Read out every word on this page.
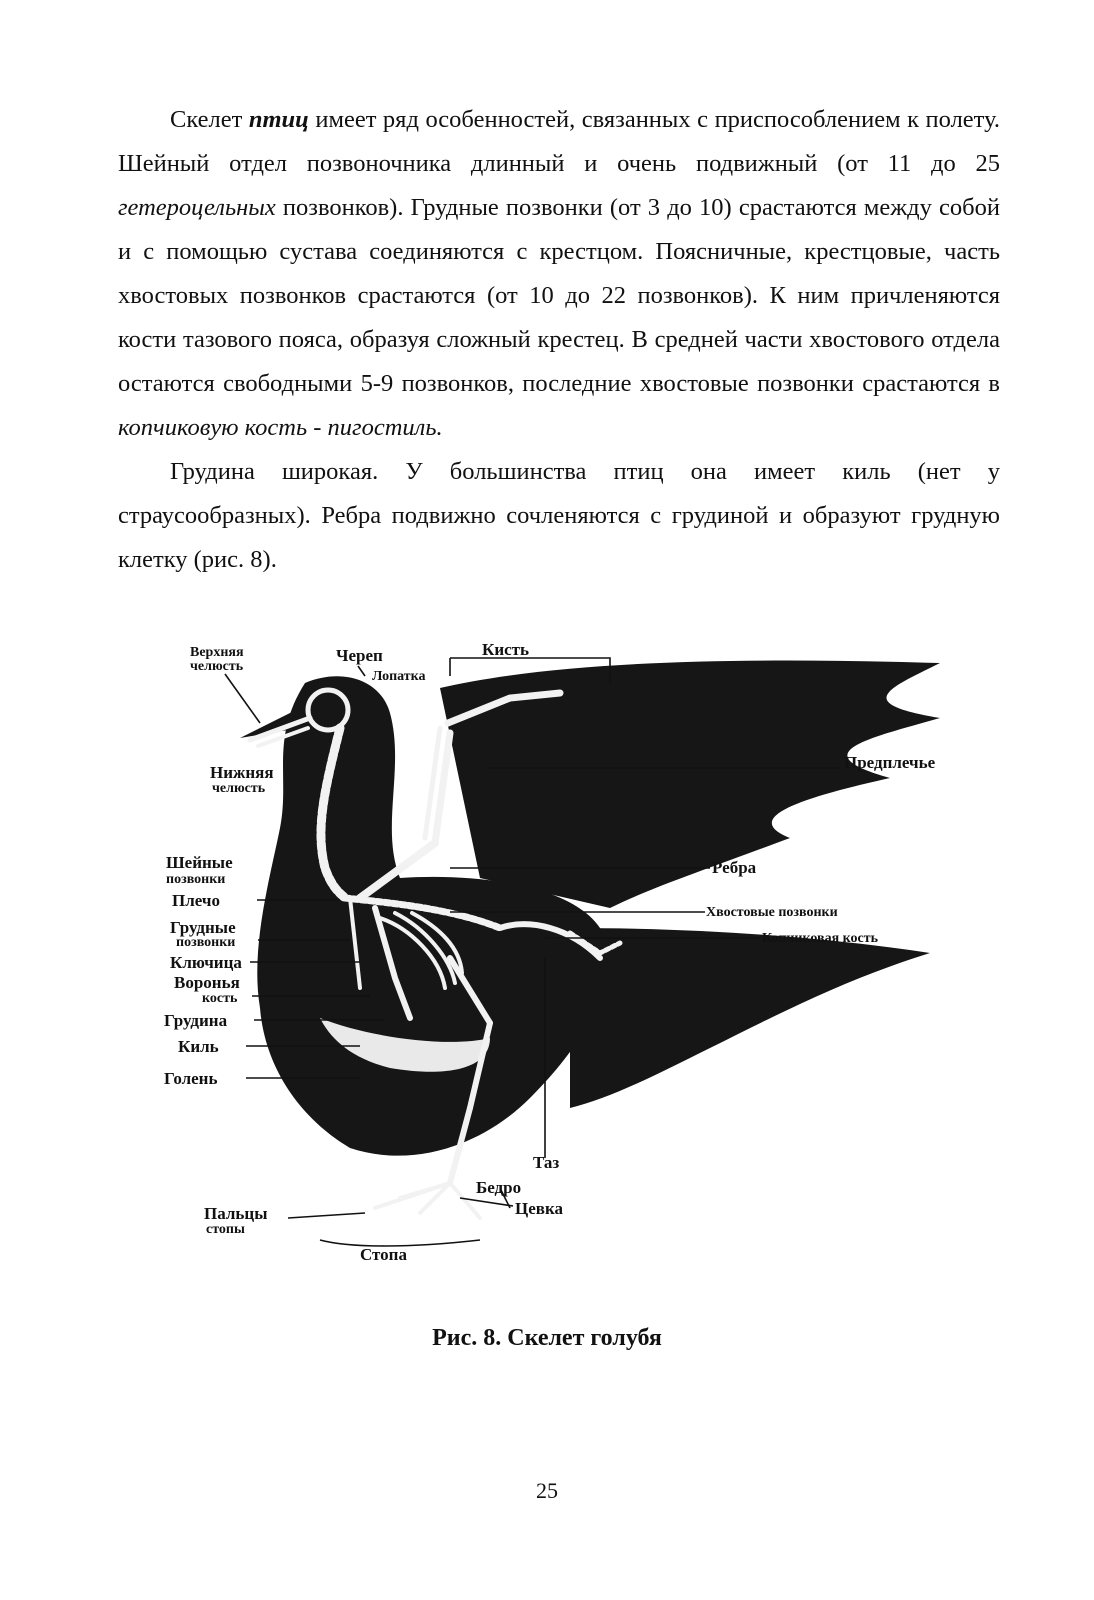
Скелет птиц имеет ряд особенностей, связанных с приспособлением к полету. Шейный отдел позвоночника длинный и очень подвижный (от 11 до 25 гетероцельных позвонков). Грудные позвонки (от 3 до 10) срастаются между собой и с помощью сустава соединяются с крестцом. Поясничные, крестцовые, часть хвостовых позвонков срастаются (от 10 до 22 позвонков). К ним причленяются кости тазового пояса, образуя сложный крестец. В средней части хвостового отдела остаются свободными 5-9 позвонков, последние хвостовые позвонки срастаются в копчиковую кость - пигостиль.

Грудина широкая. У большинства птиц она имеет киль (нет у страусообразных). Ребра подвижно сочленяются с грудиной и образуют грудную клетку (рис. 8).

Верхняя
челюсть
Череп
Лопатка
Кисть
Предплечье
Нижняя
челюсть
Шейные
позвонки
Плечо
Грудные
позвонки
Ключица
Воронья
кость
Грудина
Киль
Голень
Ребра
Хвостовые позвонки
Копчиковая кость
Таз
Бедро
Цевка
Пальцы
стопы
Стопа
Рис. 8. Скелет голубя
25
